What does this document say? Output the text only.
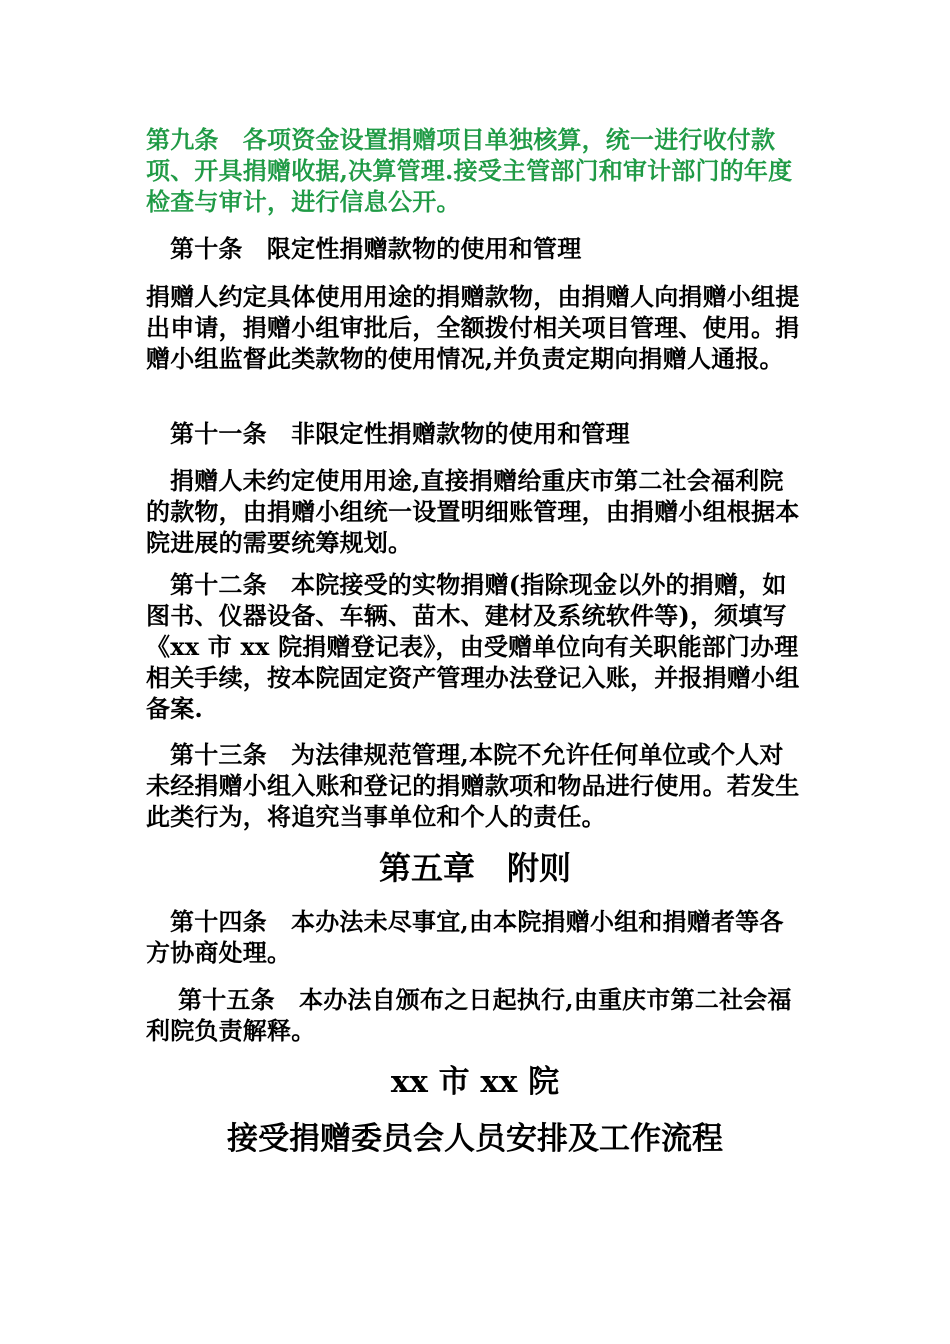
第九条　各项资金设置捐赠项目单独核算，统一进行收付款项、开具捐赠收据,决算管理.接受主管部门和审计部门的年度检查与审计，进行信息公开。
第十条　限定性捐赠款物的使用和管理
捐赠人约定具体使用用途的捐赠款物，由捐赠人向捐赠小组提出申请，捐赠小组审批后，全额拨付相关项目管理、使用。捐赠小组监督此类款物的使用情况,并负责定期向捐赠人通报。
第十一条　非限定性捐赠款物的使用和管理
捐赠人未约定使用用途,直接捐赠给重庆市第二社会福利院的款物，由捐赠小组统一设置明细账管理，由捐赠小组根据本院进展的需要统筹规划。
第十二条　本院接受的实物捐赠(指除现金以外的捐赠，如图书、仪器设备、车辆、苗木、建材及系统软件等)，须填写《xx 市 xx 院捐赠登记表》，由受赠单位向有关职能部门办理相关手续，按本院固定资产管理办法登记入账，并报捐赠小组备案.
第十三条　为法律规范管理,本院不允许任何单位或个人对未经捐赠小组入账和登记的捐赠款项和物品进行使用。若发生此类行为，将追究当事单位和个人的责任。
第五章　附则
第十四条　本办法未尽事宜,由本院捐赠小组和捐赠者等各方协商处理。
第十五条　本办法自颁布之日起执行,由重庆市第二社会福利院负责解释。
xx 市 xx 院
接受捐赠委员会人员安排及工作流程
